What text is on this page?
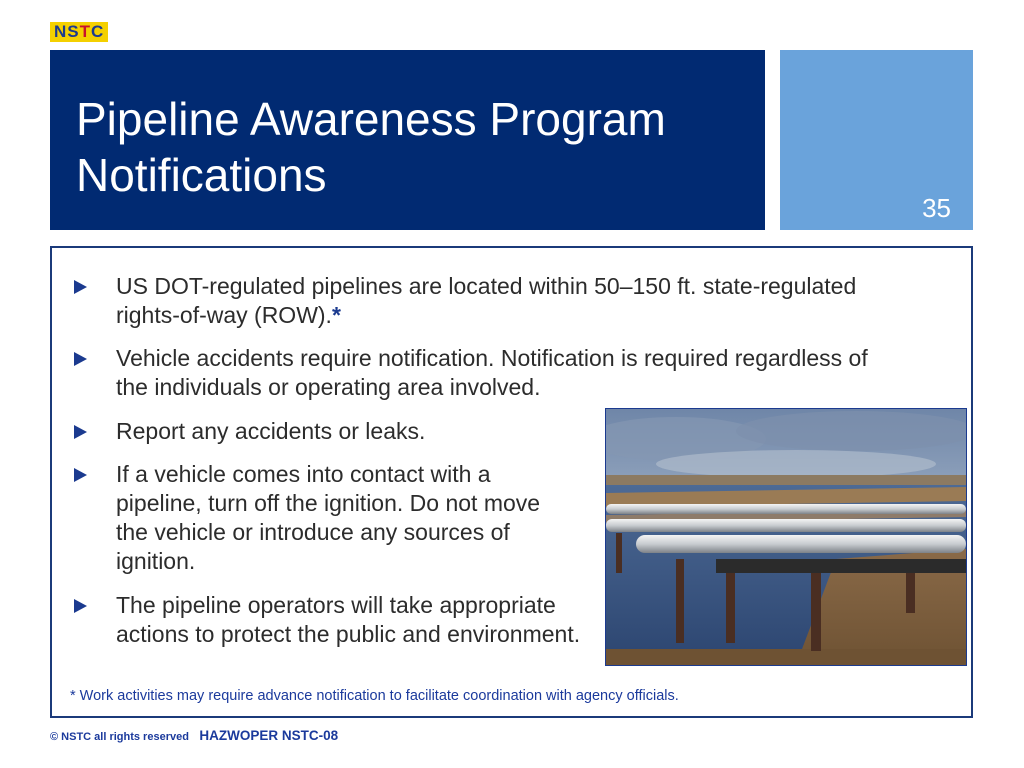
NSTC
Pipeline Awareness Program
Notifications
35
US DOT-regulated pipelines are located within 50–150 ft. state-regulated rights-of-way (ROW).*
Vehicle accidents require notification. Notification is required regardless of the individuals or operating area involved.
Report any accidents or leaks.
If a vehicle comes into contact with a pipeline, turn off the ignition. Do not move the vehicle or introduce any sources of ignition.
The pipeline operators will take appropriate actions to protect the public and environment.
* Work activities may require advance notification to facilitate coordination with agency officials.
© NSTC all rights reserved HAZWOPER NSTC-08
